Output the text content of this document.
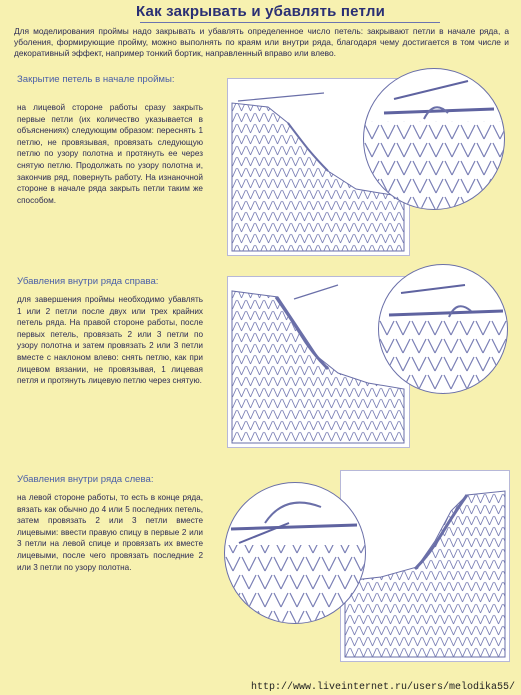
Как закрывать и убавлять петли
Для моделирования проймы надо закрывать и убавлять определенное число петель: закрывают петли в начале ряда, а уболения, формирующие пройму, можно выполнять по краям или внутри ряда, благодаря чему достигается в том числе и декоративный эффект, например тонкий бортик, направленный вправо или влево.
Закрытие петель в начале проймы:
на лицевой стороне работы сразу закрыть первые петли (их количество указывается в объяснениях) следующим образом: переснять 1 петлю, не провязывая, провязать следующую петлю по узору полотна и протянуть ее через снятую петлю. Продолжать по узору полотна и, закончив ряд, повернуть работу. На изнаночной стороне в начале ряда закрыть петли таким же способом.
Убавления внутри ряда справа:
для завершения проймы необходимо убавлять 1 или 2 петли после двух или трех крайних петель ряда. На правой стороне работы, после первых петель, провязать 2 или 3 петли по узору полотна и затем провязать 2 или 3 петли вместе с наклоном влево: снять петлю, как при лицевом вязании, не провязывая, 1 лицевая петля и протянуть лицевую петлю через снятую.
Убавления внутри ряда слева:
на левой стороне работы, то есть в конце ряда, вязать как обычно до 4 или 5 последних петель, затем провязать 2 или 3 петли вместе лицевыми: ввести правую спицу в первые 2 или 3 петли на левой спице и провязать их вместе лицевыми, после чего провязать последние 2 или 3 петли по узору полотна.
http://www.liveinternet.ru/users/melodika55/
